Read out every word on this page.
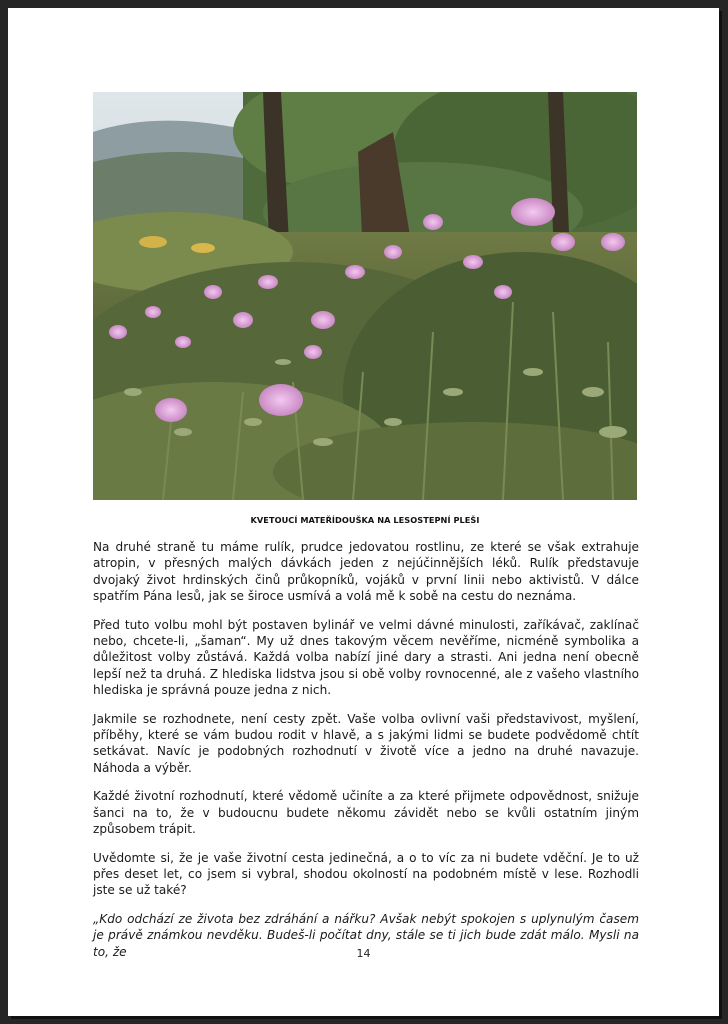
KVETOUCÍ MATEŘÍDOUŠKA NA LESOSTEPNÍ PLEŠI

Na druhé straně tu máme rulík, prudce jedovatou rostlinu, ze které se však extrahuje atropin, v přesných malých dávkách jeden z nejúčinnějších léků. Rulík představuje dvojaký život hrdinských činů průkopníků, vojáků v první linii nebo aktivistů. V dálce spatřím Pána lesů, jak se široce usmívá a volá mě k sobě na cestu do neznáma.

Před tuto volbu mohl být postaven bylinář ve velmi dávné minulosti, zaříkávač, zaklínač nebo, chcete-li, „šaman“. My už dnes takovým věcem nevěříme, nicméně symbolika a důležitost volby zůstává. Každá volba nabízí jiné dary a strasti. Ani jedna není obecně lepší než ta druhá. Z hlediska lidstva jsou si obě volby rovnocenné, ale z vašeho vlastního hlediska je správná pouze jedna z nich.

Jakmile se rozhodnete, není cesty zpět. Vaše volba ovlivní vaši představivost, myšlení, příběhy, které se vám budou rodit v hlavě, a s jakými lidmi se budete podvědomě chtít setkávat. Navíc je podobných rozhodnutí v životě více a jedno na druhé navazuje. Náhoda a výběr.

Každé životní rozhodnutí, které vědomě učiníte a za které přijmete odpovědnost, snižuje šanci na to, že v budoucnu budete někomu závidět nebo se kvůli ostatním jiným způsobem trápit.

Uvědomte si, že je vaše životní cesta jedinečná, a o to víc za ni budete vděční. Je to už přes deset let, co jsem si vybral, shodou okolností na podobném místě v lese. Rozhodli jste se už také?

„Kdo odchází ze života bez zdráhání a nářku? Avšak nebýt spokojen s uplynulým časem je právě známkou nevděku. Budeš-li počítat dny, stále se ti jich bude zdát málo. Mysli na to, že	14
